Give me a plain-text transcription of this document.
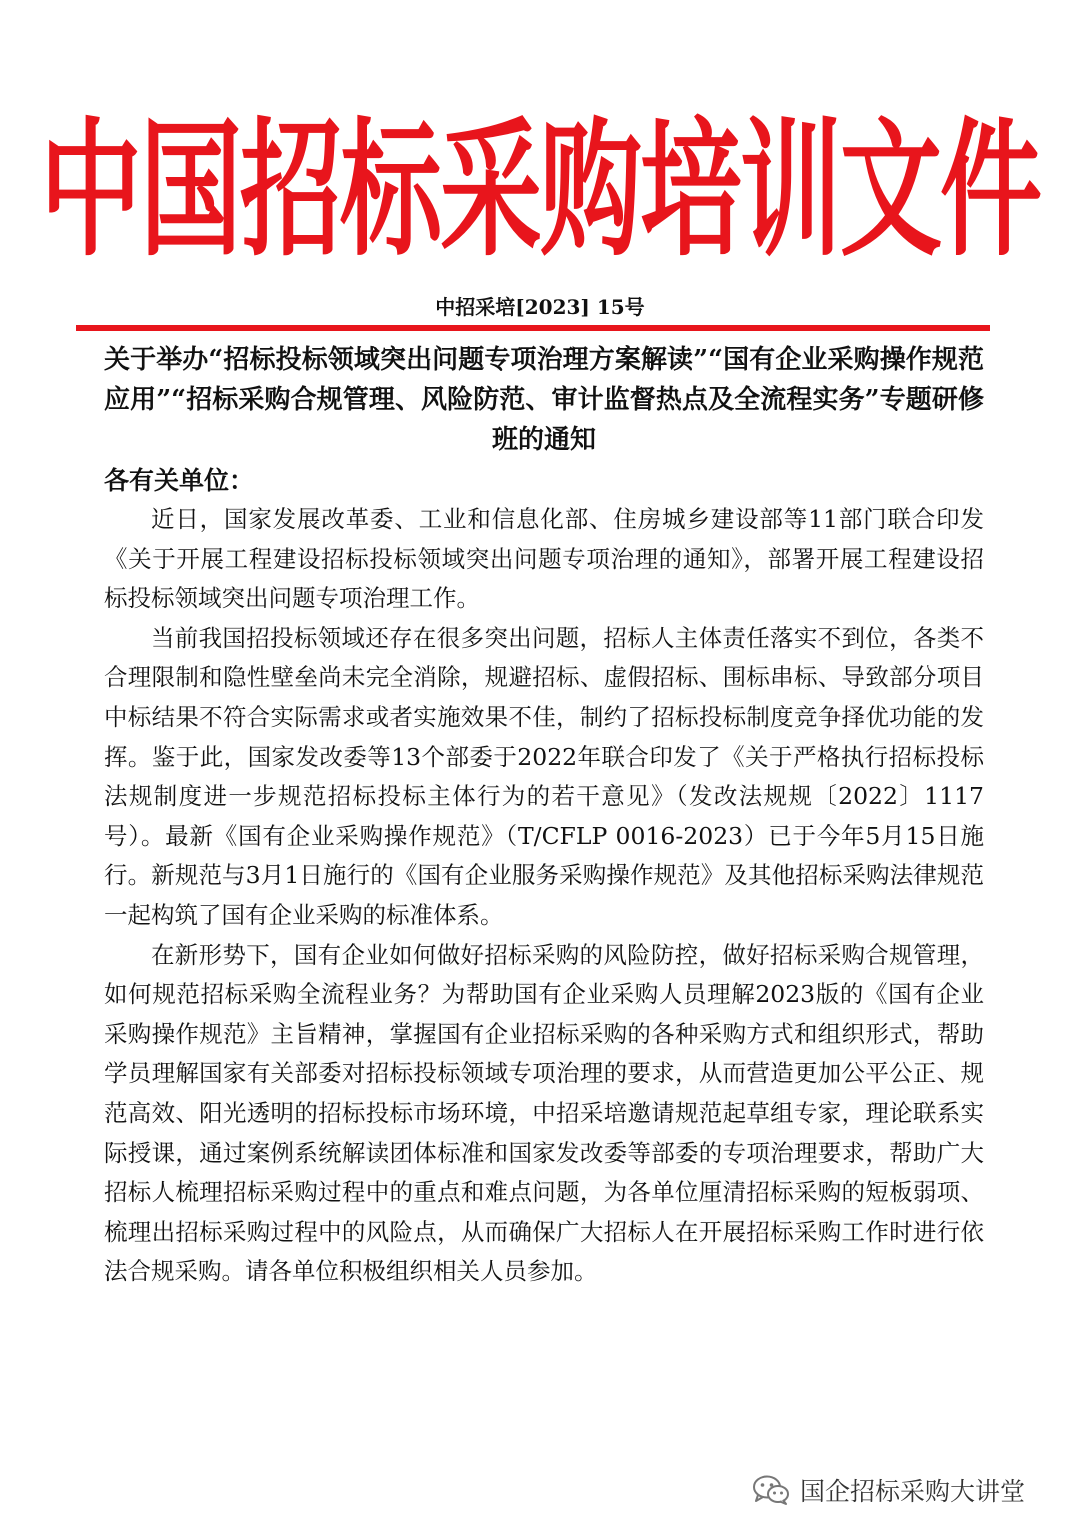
中国招标采购培训文件
中招采培[2023] 15号
关于举办“招标投标领域突出问题专项治理方案解读”“国有企业采购操作规范应用”“招标采购合规管理、风险防范、审计监督热点及全流程实务”专题研修班的通知
各有关单位：

近日，国家发展改革委、工业和信息化部、住房城乡建设部等11部门联合印发《关于开展工程建设招标投标领域突出问题专项治理的通知》，部署开展工程建设招标投标领域突出问题专项治理工作。

当前我国招投标领域还存在很多突出问题，招标人主体责任落实不到位，各类不合理限制和隐性壁垒尚未完全消除，规避招标、虚假招标、围标串标、导致部分项目中标结果不符合实际需求或者实施效果不佳，制约了招标投标制度竞争择优功能的发挥。鉴于此，国家发改委等13个部委于2022年联合印发了《关于严格执行招标投标法规制度进一步规范招标投标主体行为的若干意见》（发改法规规〔2022〕1117号）。最新《国有企业采购操作规范》（T/CFLP 0016-2023）已于今年5月15日施行。新规范与3月1日施行的《国有企业服务采购操作规范》及其他招标采购法律规范一起构筑了国有企业采购的标准体系。

在新形势下，国有企业如何做好招标采购的风险防控，做好招标采购合规管理，如何规范招标采购全流程业务？为帮助国有企业采购人员理解2023版的《国有企业采购操作规范》主旨精神，掌握国有企业招标采购的各种采购方式和组织形式，帮助学员理解国家有关部委对招标投标领域专项治理的要求，从而营造更加公平公正、规范高效、阳光透明的招标投标市场环境，中招采培邀请规范起草组专家，理论联系实际授课，通过案例系统解读团体标准和国家发改委等部委的专项治理要求，帮助广大招标人梳理招标采购过程中的重点和难点问题，为各单位厘清招标采购的短板弱项、梳理出招标采购过程中的风险点，从而确保广大招标人在开展招标采购工作时进行依法合规采购。请各单位积极组织相关人员参加。

国企招标采购大讲堂
